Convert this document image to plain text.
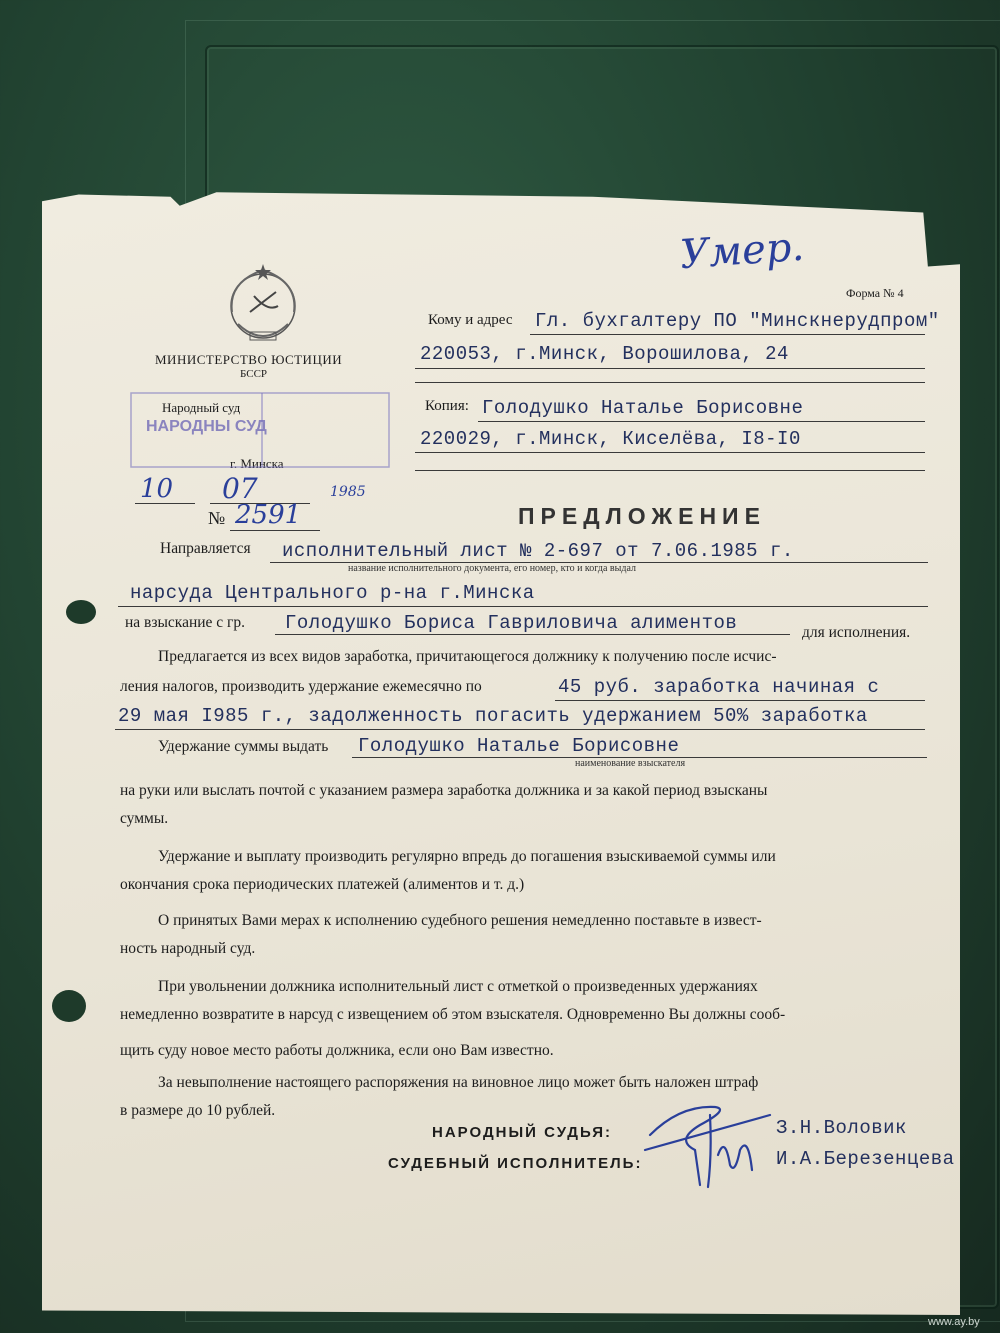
Умер.
Форма № 4
МИНИСТЕРСТВО ЮСТИЦИИ
БССР
Народный суд
НАРОДНЫ СУД
г. Минска
10 07	1985
№ 2591
Кому и адрес Гл. бухгалтеру ПО "Минскнерудпром"
220053, г.Минск, Ворошилова, 24
Копия: Голодушко Наталье Борисовне
220029, г.Минск, Киселёва, I8-I0
ПРЕДЛОЖЕНИЕ
Направляется исполнительный лист № 2-697 от 7.06.1985 г.
название исполнительного документа, его номер, кто и когда выдал
нарсуда Центрального р-на г.Минска
на взыскание с гр. Голодушко Бориса Гавриловича алиментов	для исполнения.
Предлагается из всех видов заработка, причитающегося должнику к получению после исчис-
ления налогов, производить удержание ежемесячно по	45 руб. заработка начиная с
29 мая I985 г., задолженность погасить удержанием 50% заработка
Удержание суммы выдать Голодушко Наталье Борисовне
наименование взыскателя
на руки или выслать почтой с указанием размера заработка должника и за какой период взысканы
суммы.
Удержание и выплату производить регулярно впредь до погашения взыскиваемой суммы или
окончания срока периодических платежей (алиментов и т. д.)
О принятых Вами мерах к исполнению судебного решения немедленно поставьте в извест-
ность народный суд.
При увольнении должника исполнительный лист с отметкой о произведенных удержаниях
немедленно возвратите в нарсуд с извещением об этом взыскателя. Одновременно Вы должны сооб-
щить суду новое место работы должника, если оно Вам известно.
За невыполнение настоящего распоряжения на виновное лицо может быть наложен штраф
в размере до 10 рублей.
НАРОДНЫЙ СУДЬЯ:	З.Н.Воловик
СУДЕБНЫЙ ИСПОЛНИТЕЛЬ:	И.А.Березенцева
www.ay.by
